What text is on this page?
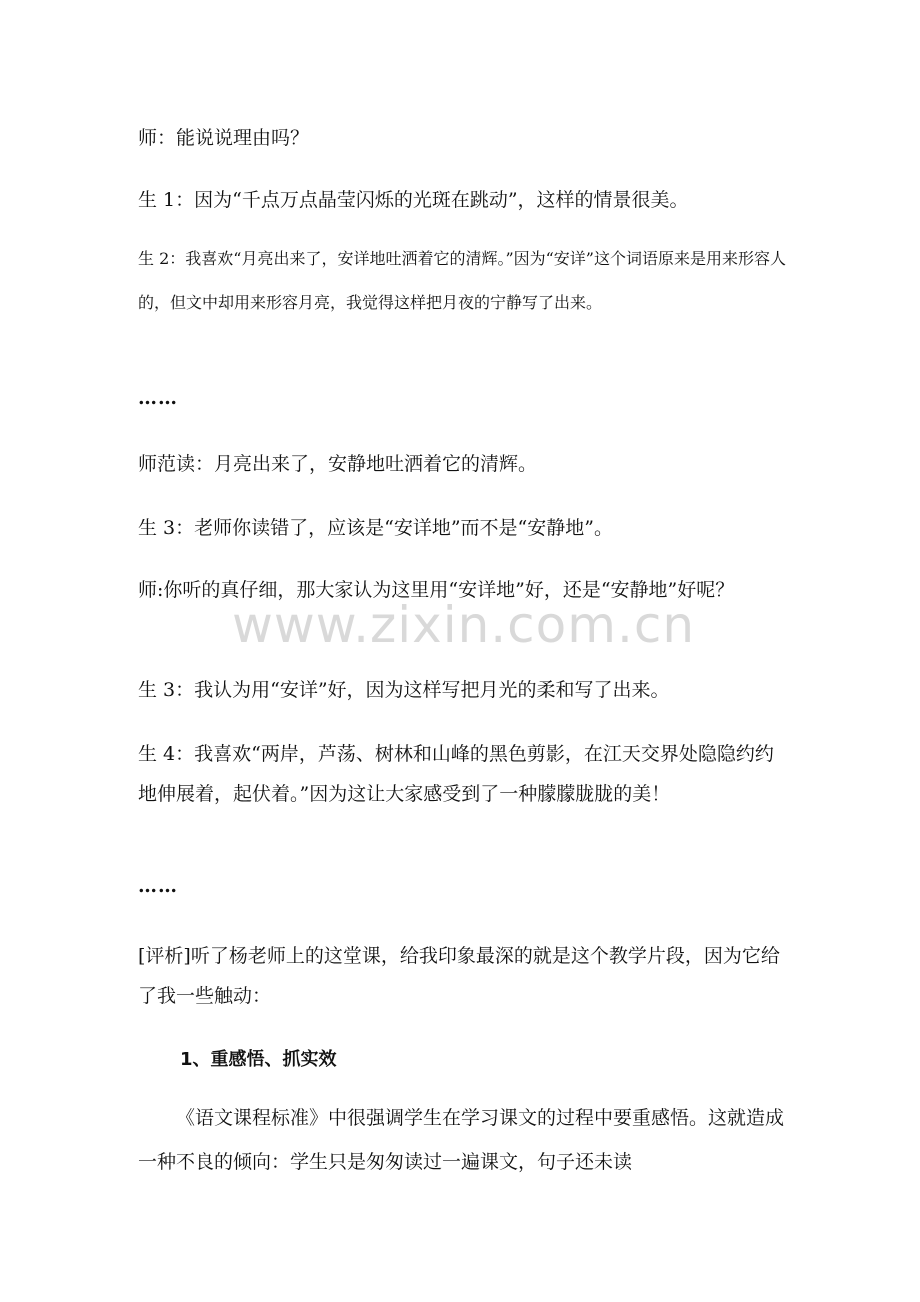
师：能说说理由吗？

生 1：因为“千点万点晶莹闪烁的光斑在跳动”，这样的情景很美。

生 2：我喜欢“月亮出来了，安详地吐洒着它的清辉。”因为“安详”这个词语原来是用来形容人的，但文中却用来形容月亮，我觉得这样把月夜的宁静写了出来。

……

师范读：月亮出来了，安静地吐洒着它的清辉。

生 3：老师你读错了，应该是“安详地”而不是“安静地”。

师:你听的真仔细，那大家认为这里用“安详地”好，还是“安静地”好呢？

生 3：我认为用“安详”好，因为这样写把月光的柔和写了出来。

生 4：我喜欢“两岸，芦荡、树林和山峰的黑色剪影，在江天交界处隐隐约约地伸展着，起伏着。”因为这让大家感受到了一种朦朦胧胧的美！

……

[评析]听了杨老师上的这堂课，给我印象最深的就是这个教学片段，因为它给了我一些触动：

1、重感悟、抓实效

《语文课程标准》中很强调学生在学习课文的过程中要重感悟。这就造成一种不良的倾向：学生只是匆匆读过一遍课文，句子还未读

www.zixin.com.cn
